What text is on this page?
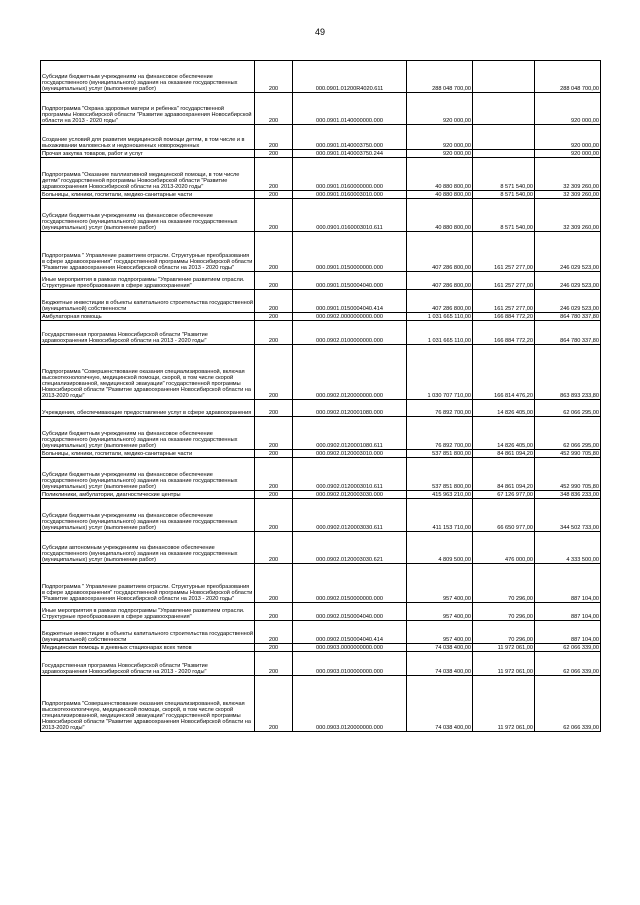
49
Субсидии бюджетным учреждениям на финансовое обеспечение государственного (муниципального) задания на оказание государственных (муниципальных) услуг (выполнение работ)	200	000.0901.01200R4020.611	288 048 700,00		288 048 700,00
Подпрограмма "Охрана здоровья матери и ребенка" государственной программы Новосибирской области "Развитие здравоохранения Новосибирской области на 2013 - 2020 годы"	200	000.0901.0140000000.000	920 000,00		920 000,00
Создание условий для развития медицинской помощи детям, в том числе и в выхаживании маловесных и недоношенных новорожденных	200	000.0901.0140003750.000	920 000,00		920 000,00
Прочая закупка товаров, работ и услуг	200	000.0901.0140003750.244	920 000,00		920 000,00
Подпрограмма "Оказание паллиативной медицинской помощи, в том числе детям" государственной программы Новосибирской области "Развитие здравоохранения Новосибирской области на 2013-2020 годы"	200	000.0901.0160000000.000	40 880 800,00	8 571 540,00	32 309 260,00
Больницы, клиники, госпитали, медико-санитарные части	200	000.0901.0160003010.000	40 880 800,00	8 571 540,00	32 309 260,00
Субсидии бюджетным учреждениям на финансовое обеспечение государственного (муниципального) задания на оказание государственных (муниципальных) услуг (выполнение работ)	200	000.0901.0160003010.611	40 880 800,00	8 571 540,00	32 309 260,00
Подпрограмма " Управление развитием отрасли. Структурные преобразования в сфере здравоохранения" государственной программы Новосибирской области "Развитие здравоохранения Новосибирской области на 2013 - 2020 годы"	200	000.0901.0150000000.000	407 286 800,00	161 257 277,00	246 029 523,00
Иные мероприятия в рамках подпрограммы "Управление развитием отрасли. Структурные преобразования в сфере здравоохранения"	200	000.0901.0150004040.000	407 286 800,00	161 257 277,00	246 029 523,00
Бюджетные инвестиции в объекты капитального строительства государственной (муниципальной) собственности	200	000.0901.0150004040.414	407 286 800,00	161 257 277,00	246 029 523,00
Амбулаторная помощь	200	000.0902.0000000000.000	1 031 665 110,00	166 884 772,20	864 780 337,80
Государственная программа Новосибирской области "Развитие здравоохранения Новосибирской области на 2013 - 2020 годы"	200	000.0902.0100000000.000	1 031 665 110,00	166 884 772,20	864 780 337,80
Подпрограмма "Совершенствование оказания специализированной, включая высокотехнологичную, медицинской помощи, скорой, в том числе скорой специализированной, медицинской эвакуации" государственной программы Новосибирской области "Развитие здравоохранения Новосибирской области на 2013-2020 годы"	200	000.0902.0120000000.000	1 030 707 710,00	166 814 476,20	863 893 233,80
Учреждения, обеспечивающие предоставление услуг в сфере здравоохранения	200	000.0902.0120001080.000	76 892 700,00	14 826 405,00	62 066 295,00
Субсидии бюджетным учреждениям на финансовое обеспечение государственного (муниципального) задания на оказание государственных (муниципальных) услуг (выполнение работ)	200	000.0902.0120001080.611	76 892 700,00	14 826 405,00	62 066 295,00
Больницы, клиники, госпитали, медико-санитарные части	200	000.0902.0120003010.000	537 851 800,00	84 861 094,20	452 990 705,80
Субсидии бюджетным учреждениям на финансовое обеспечение государственного (муниципального) задания на оказание государственных (муниципальных) услуг (выполнение работ)	200	000.0902.0120003010.611	537 851 800,00	84 861 094,20	452 990 705,80
Поликлиники, амбулатории, диагностические центры	200	000.0902.0120003030.000	415 963 210,00	67 126 977,00	348 836 233,00
Субсидии бюджетным учреждениям на финансовое обеспечение государственного (муниципального) задания на оказание государственных (муниципальных) услуг (выполнение работ)	200	000.0902.0120003030.611	411 153 710,00	66 650 977,00	344 502 733,00
Субсидии автономным учреждениям на финансовое обеспечение государственного (муниципального) задания на оказание государственных (муниципальных) услуг (выполнение работ)	200	000.0902.0120003030.621	4 809 500,00	476 000,00	4 333 500,00
Подпрограмма " Управление развитием отрасли. Структурные преобразования в сфере здравоохранения" государственной программы Новосибирской области "Развитие здравоохранения Новосибирской области на 2013 - 2020 годы"	200	000.0902.0150000000.000	957 400,00	70 296,00	887 104,00
Иные мероприятия в рамках подпрограммы "Управление развитием отрасли. Структурные преобразования в сфере здравоохранения"	200	000.0902.0150004040.000	957 400,00	70 296,00	887 104,00
Бюджетные инвестиции в объекты капитального строительства государственной (муниципальной) собственности	200	000.0902.0150004040.414	957 400,00	70 296,00	887 104,00
Медицинская помощь в дневных стационарах всех типов	200	000.0903.0000000000.000	74 038 400,00	11 972 061,00	62 066 339,00
Государственная программа Новосибирской области "Развитие здравоохранения Новосибирской области на 2013 - 2020 годы"	200	000.0903.0100000000.000	74 038 400,00	11 972 061,00	62 066 339,00
Подпрограмма "Совершенствование оказания специализированной, включая высокотехнологичную, медицинской помощи, скорой, в том числе скорой специализированной, медицинской эвакуации" государственной программы Новосибирской области "Развитие здравоохранения Новосибирской области на 2013-2020 годы"	200	000.0903.0120000000.000	74 038 400,00	11 972 061,00	62 066 339,00
